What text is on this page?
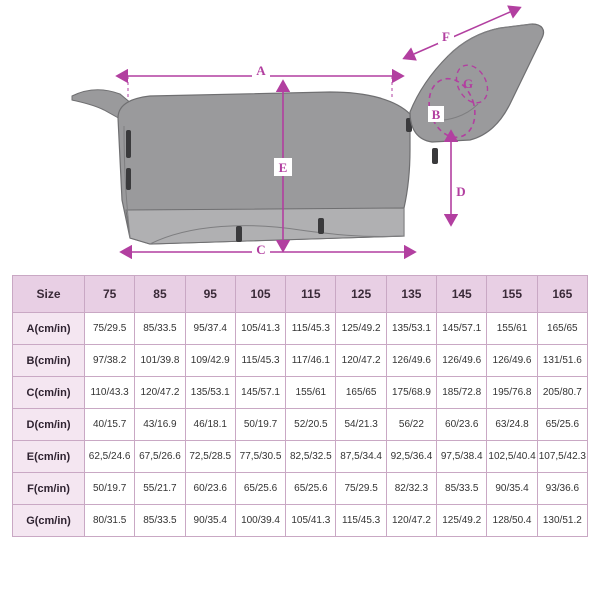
G
A
E
C
D
F
B
Size	75	85	95	105	115	125	135	145	155	165
A(cm/in)	75/29.5	85/33.5	95/37.4	105/41.3	115/45.3	125/49.2	135/53.1	145/57.1	155/61	165/65
B(cm/in)	97/38.2	101/39.8	109/42.9	115/45.3	117/46.1	120/47.2	126/49.6	126/49.6	126/49.6	131/51.6
C(cm/in)	110/43.3	120/47.2	135/53.1	145/57.1	155/61	165/65	175/68.9	185/72.8	195/76.8	205/80.7
D(cm/in)	40/15.7	43/16.9	46/18.1	50/19.7	52/20.5	54/21.3	56/22	60/23.6	63/24.8	65/25.6
E(cm/in)	62,5/24.6	67,5/26.6	72,5/28.5	77,5/30.5	82,5/32.5	87,5/34.4	92,5/36.4	97,5/38.4	102,5/40.4	107,5/42.3
F(cm/in)	50/19.7	55/21.7	60/23.6	65/25.6	65/25.6	75/29.5	82/32.3	85/33.5	90/35.4	93/36.6
G(cm/in)	80/31.5	85/33.5	90/35.4	100/39.4	105/41.3	115/45.3	120/47.2	125/49.2	128/50.4	130/51.2
